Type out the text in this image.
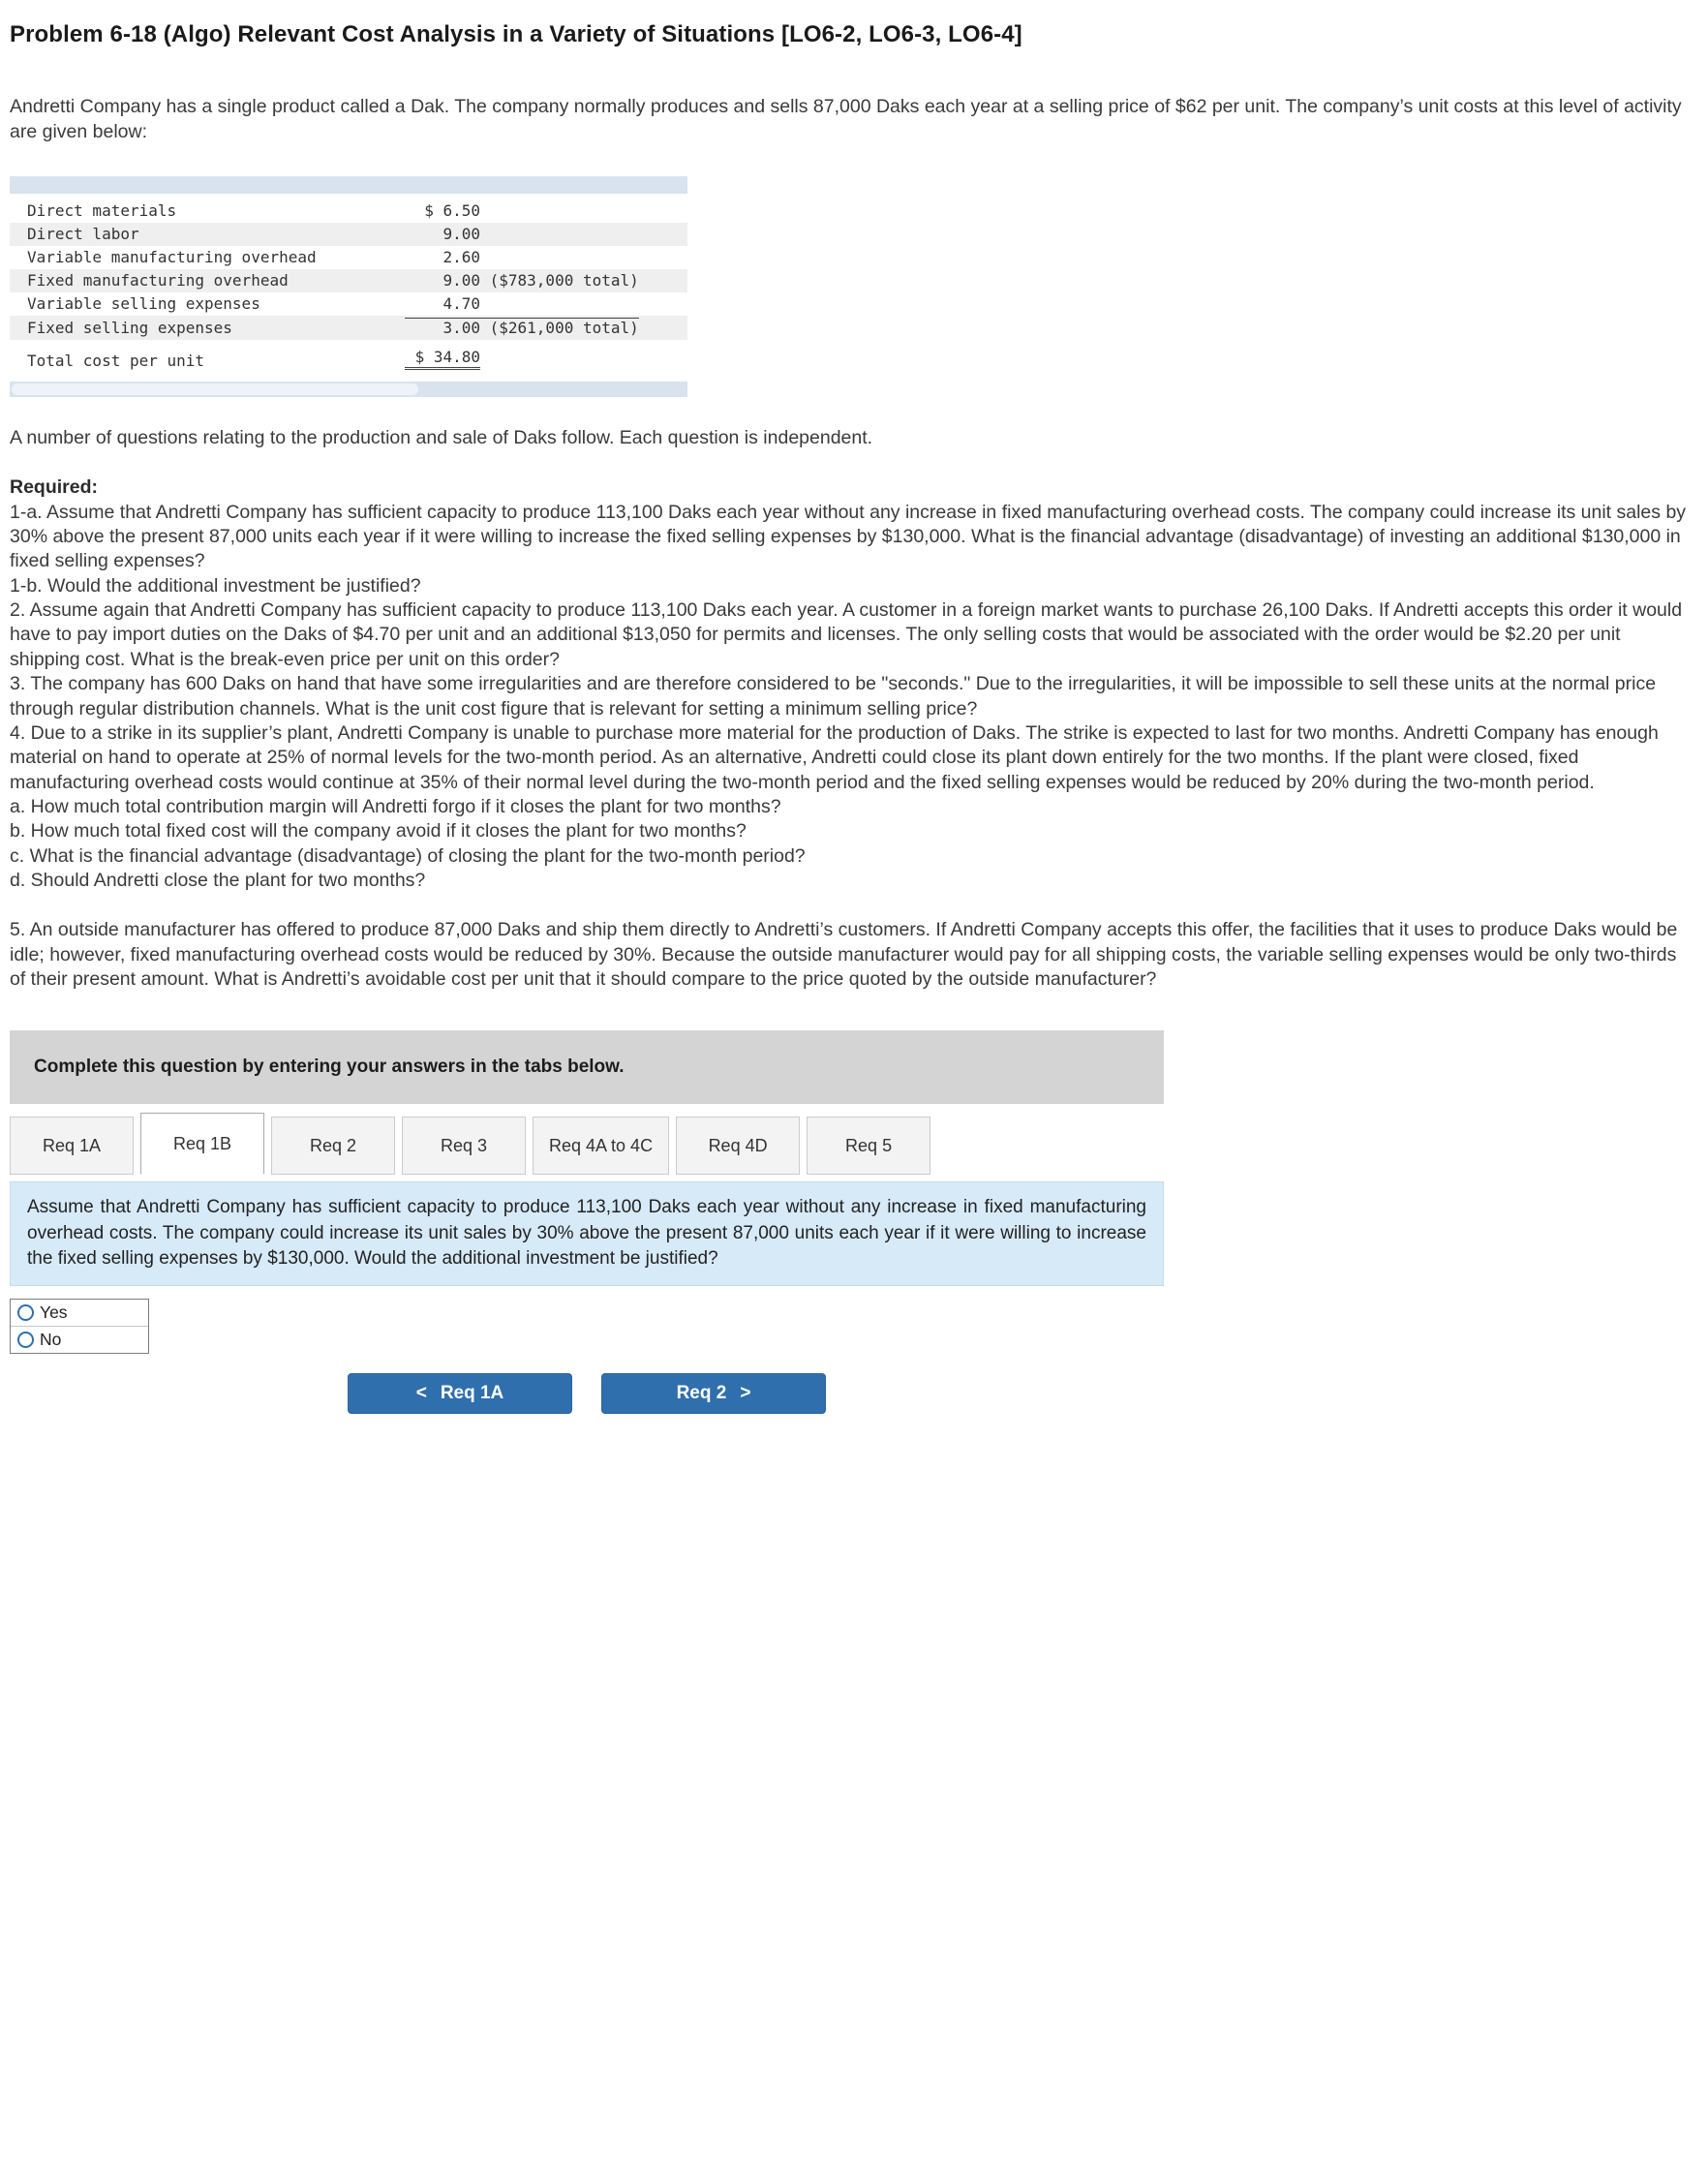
Problem 6-18 (Algo) Relevant Cost Analysis in a Variety of Situations [LO6-2, LO6-3, LO6-4]

Andretti Company has a single product called a Dak. The company normally produces and sells 87,000 Daks each year at a selling price of $62 per unit. The company’s unit costs at this level of activity are given below:

Direct materials	$ 6.50
Direct labor	9.00
Variable manufacturing overhead	2.60
Fixed manufacturing overhead	9.00 ($783,000 total)
Variable selling expenses	4.70
Fixed selling expenses	3.00 ($261,000 total)
Total cost per unit	$ 34.80

A number of questions relating to the production and sale of Daks follow. Each question is independent.

Required:

1-a. Assume that Andretti Company has sufficient capacity to produce 113,100 Daks each year without any increase in fixed manufacturing overhead costs. The company could increase its unit sales by 30% above the present 87,000 units each year if it were willing to increase the fixed selling expenses by $130,000. What is the financial advantage (disadvantage) of investing an additional $130,000 in fixed selling expenses?

1-b. Would the additional investment be justified?

2. Assume again that Andretti Company has sufficient capacity to produce 113,100 Daks each year. A customer in a foreign market wants to purchase 26,100 Daks. If Andretti accepts this order it would have to pay import duties on the Daks of $4.70 per unit and an additional $13,050 for permits and licenses. The only selling costs that would be associated with the order would be $2.20 per unit shipping cost. What is the break-even price per unit on this order?

3. The company has 600 Daks on hand that have some irregularities and are therefore considered to be "seconds." Due to the irregularities, it will be impossible to sell these units at the normal price through regular distribution channels. What is the unit cost figure that is relevant for setting a minimum selling price?

4. Due to a strike in its supplier’s plant, Andretti Company is unable to purchase more material for the production of Daks. The strike is expected to last for two months. Andretti Company has enough material on hand to operate at 25% of normal levels for the two-month period. As an alternative, Andretti could close its plant down entirely for the two months. If the plant were closed, fixed manufacturing overhead costs would continue at 35% of their normal level during the two-month period and the fixed selling expenses would be reduced by 20% during the two-month period.

a. How much total contribution margin will Andretti forgo if it closes the plant for two months?

b. How much total fixed cost will the company avoid if it closes the plant for two months?

c. What is the financial advantage (disadvantage) of closing the plant for the two-month period?

d. Should Andretti close the plant for two months?

5. An outside manufacturer has offered to produce 87,000 Daks and ship them directly to Andretti’s customers. If Andretti Company accepts this offer, the facilities that it uses to produce Daks would be idle; however, fixed manufacturing overhead costs would be reduced by 30%. Because the outside manufacturer would pay for all shipping costs, the variable selling expenses would be only two-thirds of their present amount. What is Andretti’s avoidable cost per unit that it should compare to the price quoted by the outside manufacturer?

Complete this question by entering your answers in the tabs below.
Req 1A	Req 1B	Req 2	Req 3	Req 4A to 4C	Req 4D	Req 5
Assume that Andretti Company has sufficient capacity to produce 113,100 Daks each year without any increase in fixed manufacturing overhead costs. The company could increase its unit sales by 30% above the present 87,000 units each year if it were willing to increase the fixed selling expenses by $130,000. Would the additional investment be justified?
Yes
No
< Req 1A	Req 2 >
